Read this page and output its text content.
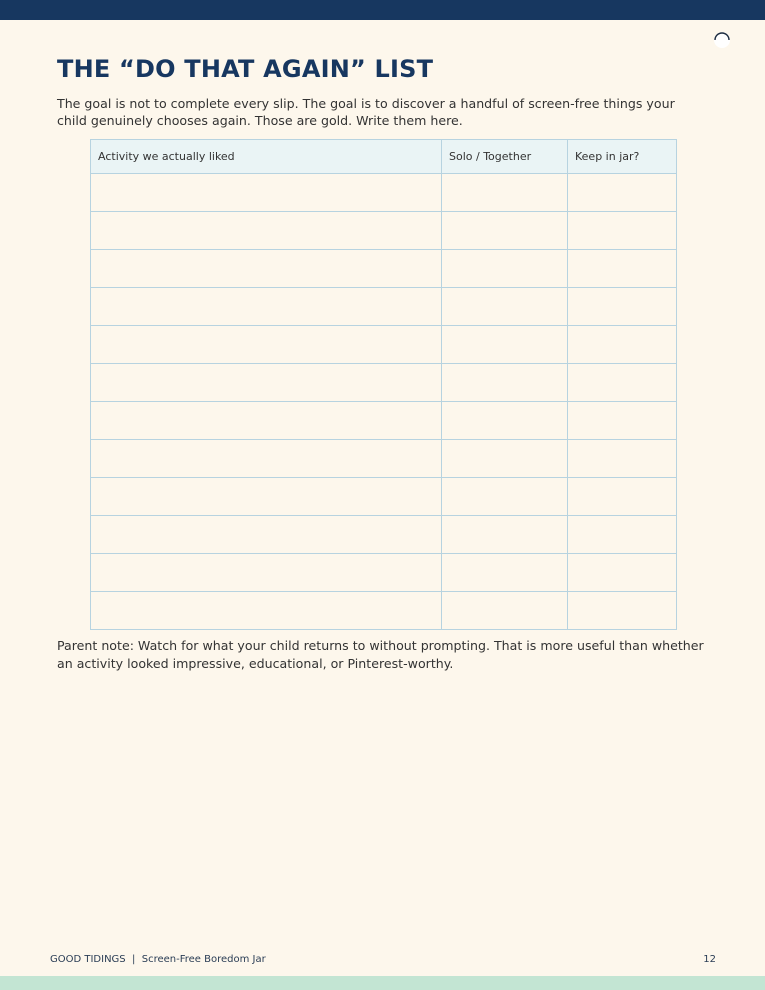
THE “DO THAT AGAIN” LIST

The goal is not to complete every slip. The goal is to discover a handful of screen-free things your child genuinely chooses again. Those are gold. Write them here.

Activity we actually liked	Solo / Together	Keep in jar?

Parent note: Watch for what your child returns to without prompting. That is more useful than whether an activity looked impressive, educational, or Pinterest-worthy.

GOOD TIDINGS | Screen-Free Boredom Jar	12
